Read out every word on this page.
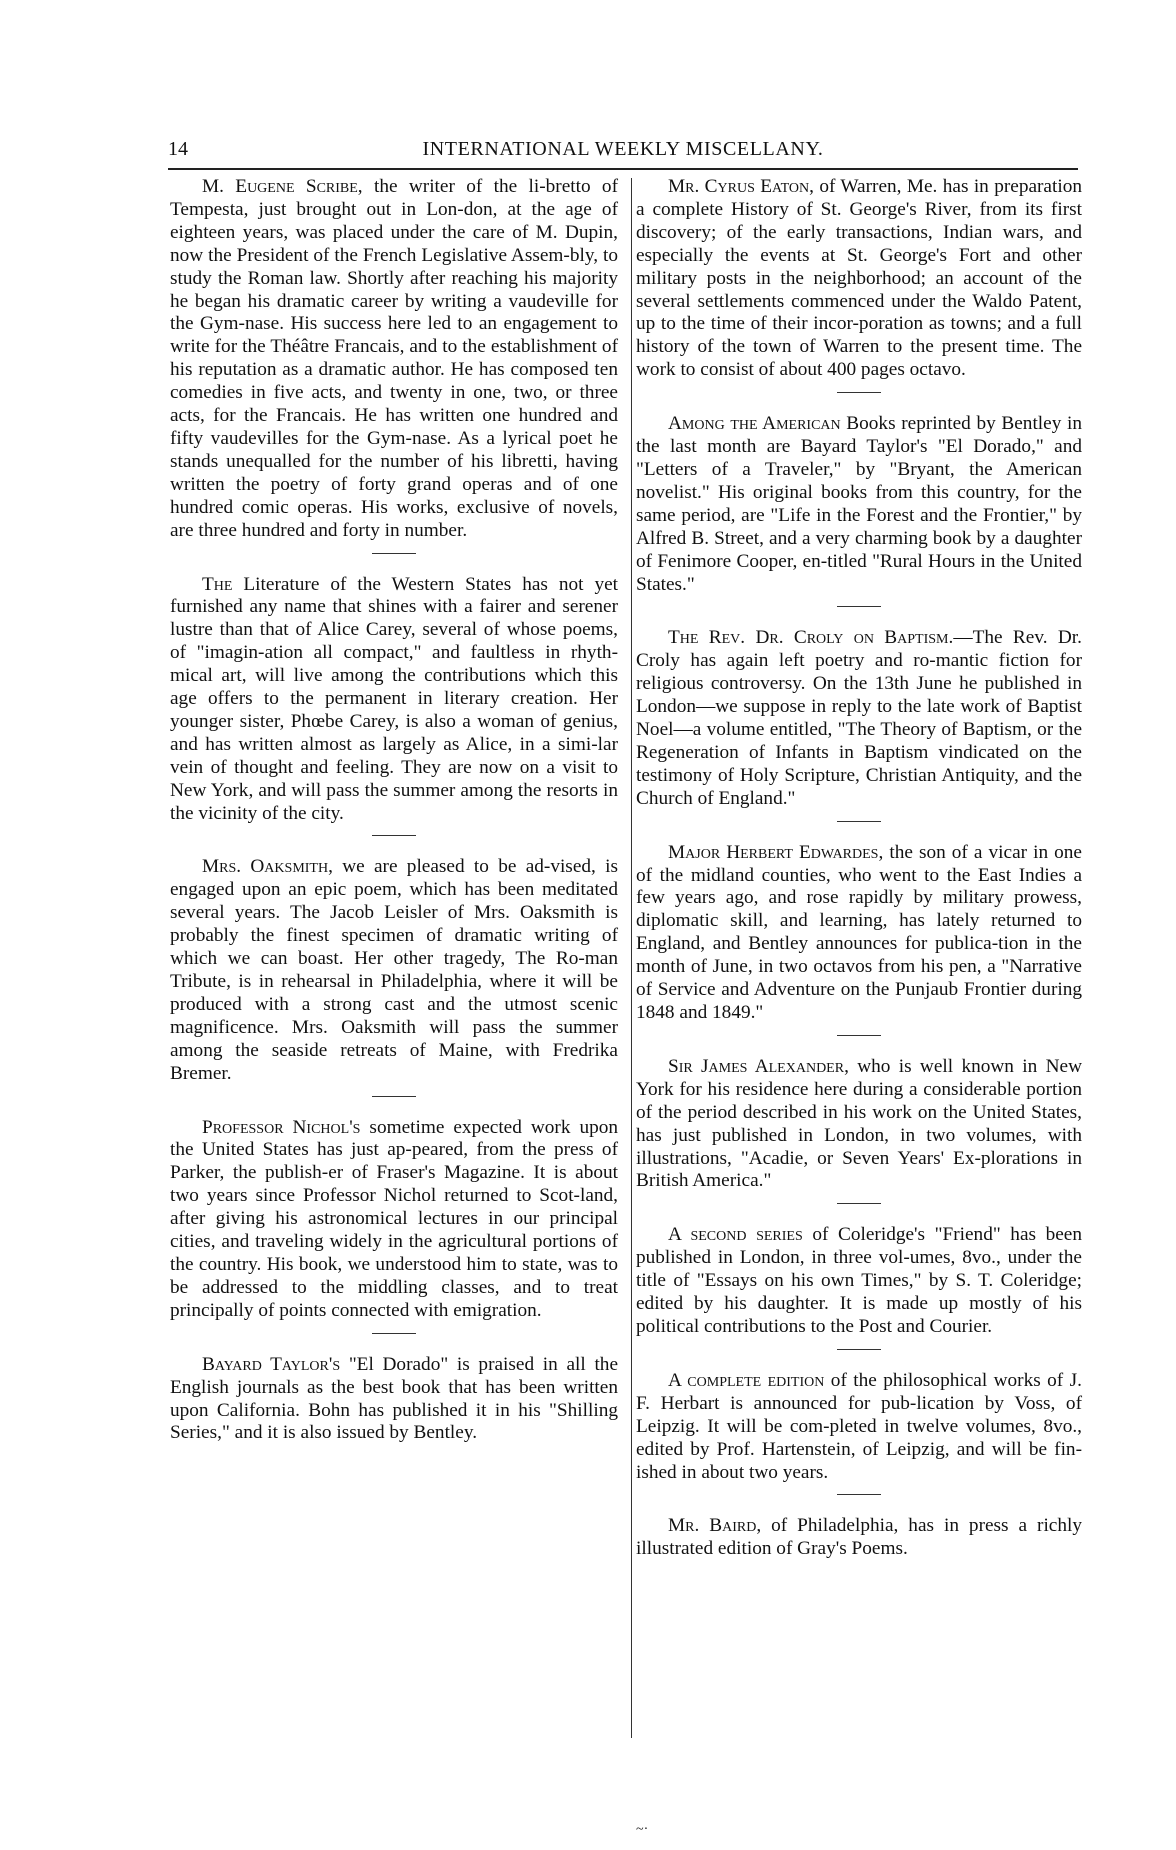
14	INTERNATIONAL WEEKLY MISCELLANY.

M. Eugene Scribe, the writer of the li-bretto of Tempesta, just brought out in Lon-don, at the age of eighteen years, was placed under the care of M. Dupin, now the President of the French Legislative Assem-bly, to study the Roman law. Shortly after reaching his majority he began his dramatic career by writing a vaudeville for the Gym-nase. His success here led to an engagement to write for the Théâtre Francais, and to the establishment of his reputation as a dramatic author. He has composed ten comedies in five acts, and twenty in one, two, or three acts, for the Francais. He has written one hundred and fifty vaudevilles for the Gym-nase. As a lyrical poet he stands unequalled for the number of his libretti, having written the poetry of forty grand operas and of one hundred comic operas. His works, exclusive of novels, are three hundred and forty in number.

The Literature of the Western States has not yet furnished any name that shines with a fairer and serener lustre than that of Alice Carey, several of whose poems, of "imagin-ation all compact," and faultless in rhyth-mical art, will live among the contributions which this age offers to the permanent in literary creation. Her younger sister, Phœbe Carey, is also a woman of genius, and has written almost as largely as Alice, in a simi-lar vein of thought and feeling. They are now on a visit to New York, and will pass the summer among the resorts in the vicinity of the city.

Mrs. Oaksmith, we are pleased to be ad-vised, is engaged upon an epic poem, which has been meditated several years. The Jacob Leisler of Mrs. Oaksmith is probably the finest specimen of dramatic writing of which we can boast. Her other tragedy, The Ro-man Tribute, is in rehearsal in Philadelphia, where it will be produced with a strong cast and the utmost scenic magnificence. Mrs. Oaksmith will pass the summer among the seaside retreats of Maine, with Fredrika Bremer.

Professor Nichol's sometime expected work upon the United States has just ap-peared, from the press of Parker, the publish-er of Fraser's Magazine. It is about two years since Professor Nichol returned to Scot-land, after giving his astronomical lectures in our principal cities, and traveling widely in the agricultural portions of the country. His book, we understood him to state, was to be addressed to the middling classes, and to treat principally of points connected with emigration.

Bayard Taylor's "El Dorado" is praised in all the English journals as the best book that has been written upon California. Bohn has published it in his "Shilling Series," and it is also issued by Bentley.

Mr. Cyrus Eaton, of Warren, Me. has in preparation a complete History of St. George's River, from its first discovery; of the early transactions, Indian wars, and especially the events at St. George's Fort and other military posts in the neighborhood; an account of the several settlements commenced under the Waldo Patent, up to the time of their incor-poration as towns; and a full history of the town of Warren to the present time. The work to consist of about 400 pages octavo.

Among the American Books reprinted by Bentley in the last month are Bayard Taylor's "El Dorado," and "Letters of a Traveler," by "Bryant, the American novelist." His original books from this country, for the same period, are "Life in the Forest and the Frontier," by Alfred B. Street, and a very charming book by a daughter of Fenimore Cooper, en-titled "Rural Hours in the United States."

The Rev. Dr. Croly on Baptism.—The Rev. Dr. Croly has again left poetry and ro-mantic fiction for religious controversy. On the 13th June he published in London—we suppose in reply to the late work of Baptist Noel—a volume entitled, "The Theory of Baptism, or the Regeneration of Infants in Baptism vindicated on the testimony of Holy Scripture, Christian Antiquity, and the Church of England."

Major Herbert Edwardes, the son of a vicar in one of the midland counties, who went to the East Indies a few years ago, and rose rapidly by military prowess, diplomatic skill, and learning, has lately returned to England, and Bentley announces for publica-tion in the month of June, in two octavos from his pen, a "Narrative of Service and Adventure on the Punjaub Frontier during 1848 and 1849."

Sir James Alexander, who is well known in New York for his residence here during a considerable portion of the period described in his work on the United States, has just published in London, in two volumes, with illustrations, "Acadie, or Seven Years' Ex-plorations in British America."

A second series of Coleridge's "Friend" has been published in London, in three vol-umes, 8vo., under the title of "Essays on his own Times," by S. T. Coleridge; edited by his daughter. It is made up mostly of his political contributions to the Post and Courier.

A complete edition of the philosophical works of J. F. Herbart is announced for pub-lication by Voss, of Leipzig. It will be com-pleted in twelve volumes, 8vo., edited by Prof. Hartenstein, of Leipzig, and will be fin-ished in about two years.

Mr. Baird, of Philadelphia, has in press a richly illustrated edition of Gray's Poems.

~·
